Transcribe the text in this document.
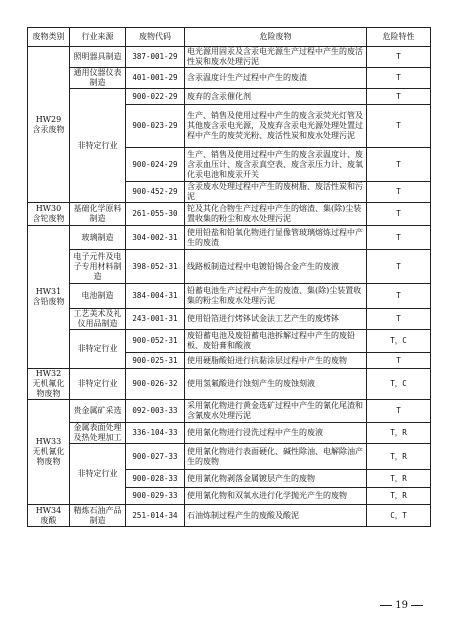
废物类别	行业来源	废物代码	危险废物	危险特性
HW29
含汞废物	照明器具制造	387-001-29	电光源用固汞及含汞电光源生产过程中产生的废活性炭和废水处理污泥	T
	通用仪器仪表制造	401-001-29	含汞温度计生产过程中产生的废渣	T
	非特定行业	900-022-29	废弃的含汞催化剂	T
		900-023-29	生产、销售及使用过程中产生的废含汞荧光灯管及其他废含汞电光源，及废弃含汞电光源处理处置过程中产生的废荧光粉、废活性炭和废水处理污泥	T
		900-024-29	生产、销售及使用过程中产生的废含汞温度计、废含汞血压计、废含汞真空表、废含汞压力计、废氧化汞电池和废汞开关	T
		900-452-29	含汞废水处理过程中产生的废树脂、废活性炭和污泥	T
HW30
含铊废物	基础化学原料制造	261-055-30	铊及其化合物生产过程中产生的熔渣、集(除)尘装置收集的粉尘和废水处理污泥	T
HW31
含铅废物	玻璃制造	304-002-31	使用铅盐和铅氧化物进行显像管玻璃熔炼过程中产生的废渣	T
	电子元件及电子专用材料制造	398-052-31	线路板制造过程中电镀铅锡合金产生的废液	T
	电池制造	384-004-31	铅蓄电池生产过程中产生的废渣、集(除)尘装置收集的粉尘和废水处理污泥	T
	工艺美术及礼仪用品制造	243-001-31	使用铅箔进行烤钵试金法工艺产生的废烤钵	T
	非特定行业	900-052-31	废铅蓄电池及废铅蓄电池拆解过程中产生的废铅板、废铅膏和酸液	T，C
		900-025-31	使用硬脂酸铅进行抗黏涂层过程中产生的废物	T
HW32
无机氟化物废物	非特定行业	900-026-32	使用氢氟酸进行蚀刻产生的废蚀刻液	T，C
HW33
无机氰化物废物	贵金属矿采选	092-003-33	采用氰化物进行黄金选矿过程中产生的氰化尾渣和含氰废水处理污泥	T
	金属表面处理及热处理加工	336-104-33	使用氰化物进行浸洗过程中产生的废液	T，R
	非特定行业	900-027-33	使用氰化物进行表面硬化、碱性除油、电解除油产生的废物	T，R
		900-028-33	使用氰化物剥落金属镀层产生的废物	T，R
		900-029-33	使用氰化物和双氧水进行化学抛光产生的废物	T，R
HW34
废酸	精炼石油产品制造	251-014-34	石油炼制过程产生的废酸及酸泥	C，T
19
